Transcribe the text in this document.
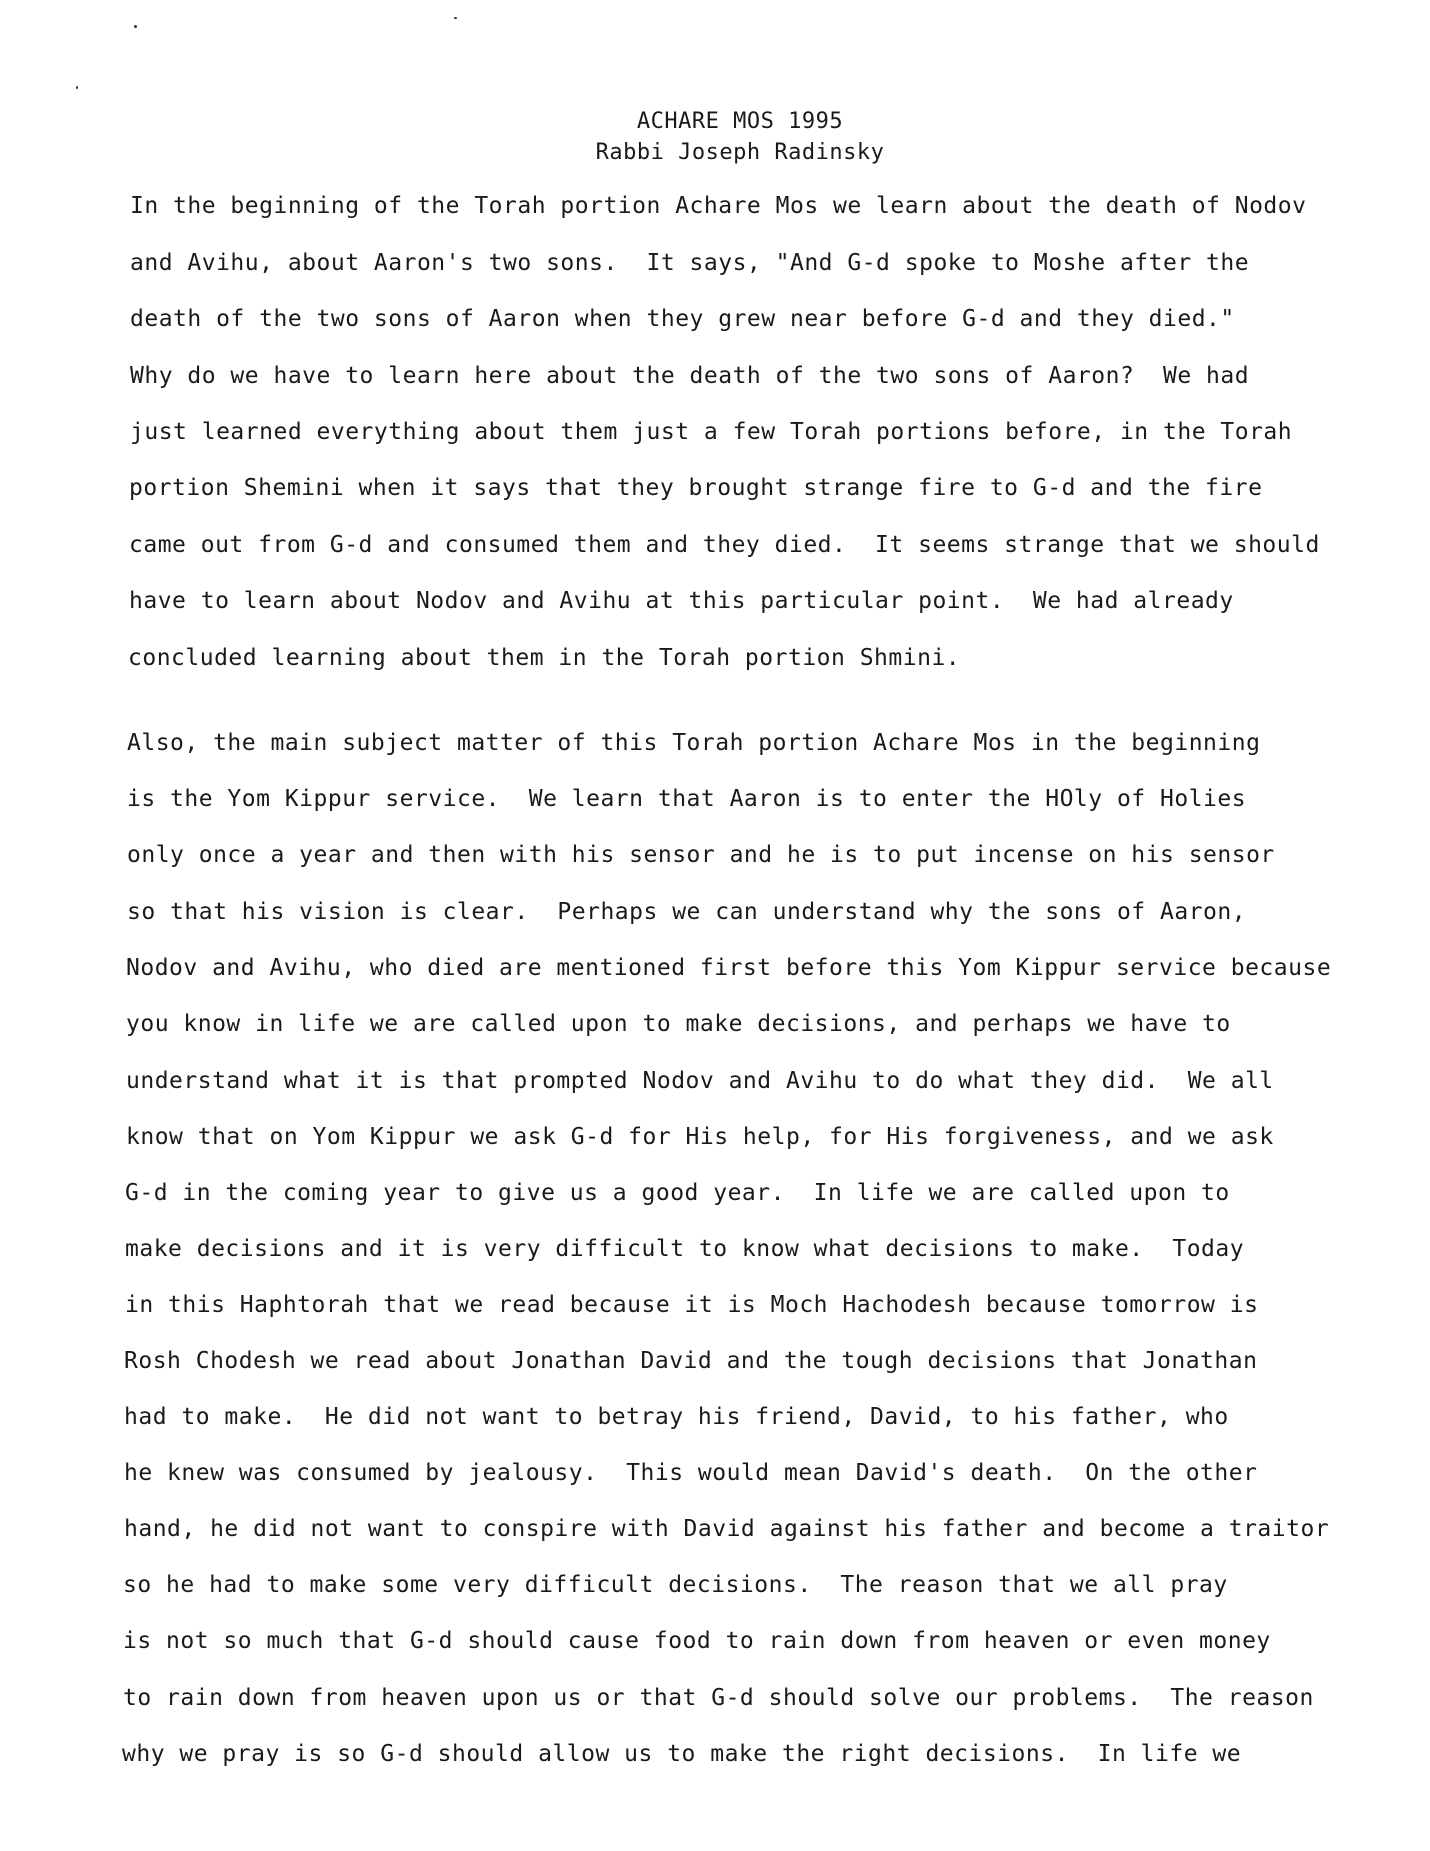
ACHARE MOS 1995
Rabbi Joseph Radinsky
In the beginning of the Torah portion Achare Mos we learn about the death of Nodov
and Avihu, about Aaron's two sons.  It says, "And G-d spoke to Moshe after the
death of the two sons of Aaron when they grew near before G-d and they died."
Why do we have to learn here about the death of the two sons of Aaron?  We had
just learned everything about them just a few Torah portions before, in the Torah
portion Shemini when it says that they brought strange fire to G-d and the fire
came out from G-d and consumed them and they died.  It seems strange that we should
have to learn about Nodov and Avihu at this particular point.  We had already
concluded learning about them in the Torah portion Shmini.
Also, the main subject matter of this Torah portion Achare Mos in the beginning
is the Yom Kippur service.  We learn that Aaron is to enter the HOly of Holies
only once a year and then with his sensor and he is to put incense on his sensor
so that his vision is clear.  Perhaps we can understand why the sons of Aaron,
Nodov and Avihu, who died are mentioned first before this Yom Kippur service because
you know in life we are called upon to make decisions, and perhaps we have to
understand what it is that prompted Nodov and Avihu to do what they did.  We all
know that on Yom Kippur we ask G-d for His help, for His forgiveness, and we ask
G-d in the coming year to give us a good year.  In life we are called upon to
make decisions and it is very difficult to know what decisions to make.  Today
in this Haphtorah that we read because it is Moch Hachodesh because tomorrow is
Rosh Chodesh we read about Jonathan David and the tough decisions that Jonathan
had to make.  He did not want to betray his friend, David, to his father, who
he knew was consumed by jealousy.  This would mean David's death.  On the other
hand, he did not want to conspire with David against his father and become a traitor
so he had to make some very difficult decisions.  The reason that we all pray
is not so much that G-d should cause food to rain down from heaven or even money
to rain down from heaven upon us or that G-d should solve our problems.  The reason
why we pray is so G-d should allow us to make the right decisions.  In life we
